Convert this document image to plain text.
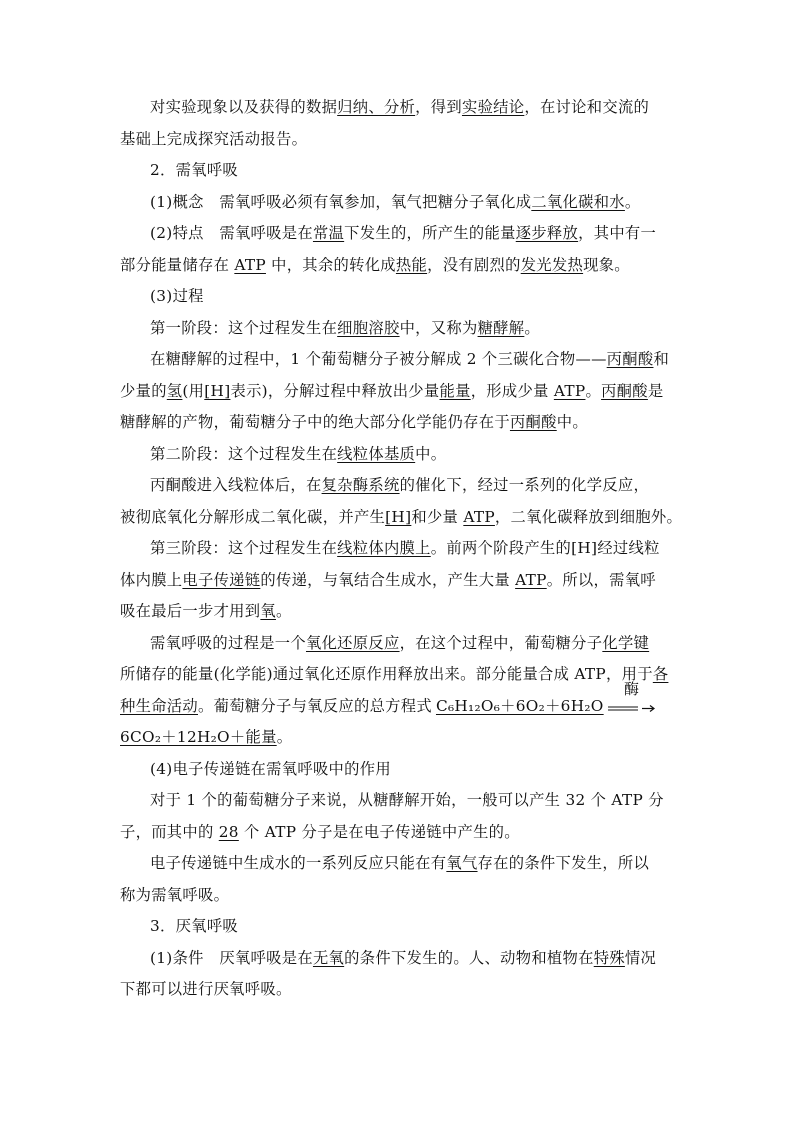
对实验现象以及获得的数据归纳、分析，得到实验结论，在讨论和交流的

基础上完成探究活动报告。

2．需氧呼吸

(1)概念　需氧呼吸必须有氧参加，氧气把糖分子氧化成二氧化碳和水。

(2)特点　需氧呼吸是在常温下发生的，所产生的能量逐步释放，其中有一

部分能量储存在 ATP 中，其余的转化成热能，没有剧烈的发光发热现象。

(3)过程

第一阶段：这个过程发生在细胞溶胶中，又称为糖酵解。

在糖酵解的过程中，1 个葡萄糖分子被分解成 2 个三碳化合物——丙酮酸和

少量的氢(用[H]表示)，分解过程中释放出少量能量，形成少量 ATP。丙酮酸是

糖酵解的产物，葡萄糖分子中的绝大部分化学能仍存在于丙酮酸中。

第二阶段：这个过程发生在线粒体基质中。

丙酮酸进入线粒体后，在复杂酶系统的催化下，经过一系列的化学反应，

被彻底氧化分解形成二氧化碳，并产生[H]和少量 ATP，二氧化碳释放到细胞外。

第三阶段：这个过程发生在线粒体内膜上。前两个阶段产生的[H]经过线粒

体内膜上电子传递链的传递，与氧结合生成水，产生大量 ATP。所以，需氧呼

吸在最后一步才用到氧。

需氧呼吸的过程是一个氧化还原反应，在这个过程中，葡萄糖分子化学键

所储存的能量(化学能)通过氧化还原作用释放出来。部分能量合成 ATP，用于各

种生命活动。葡萄糖分子与氧反应的总方程式 C₆H₁₂O₆＋6O₂＋6H₂O
酶

6CO₂＋12H₂O＋能量。

(4)电子传递链在需氧呼吸中的作用

对于 1 个的葡萄糖分子来说，从糖酵解开始，一般可以产生 32 个 ATP 分

子，而其中的 28 个 ATP 分子是在电子传递链中产生的。

电子传递链中生成水的一系列反应只能在有氧气存在的条件下发生，所以

称为需氧呼吸。

3．厌氧呼吸

(1)条件　厌氧呼吸是在无氧的条件下发生的。人、动物和植物在特殊情况

下都可以进行厌氧呼吸。
